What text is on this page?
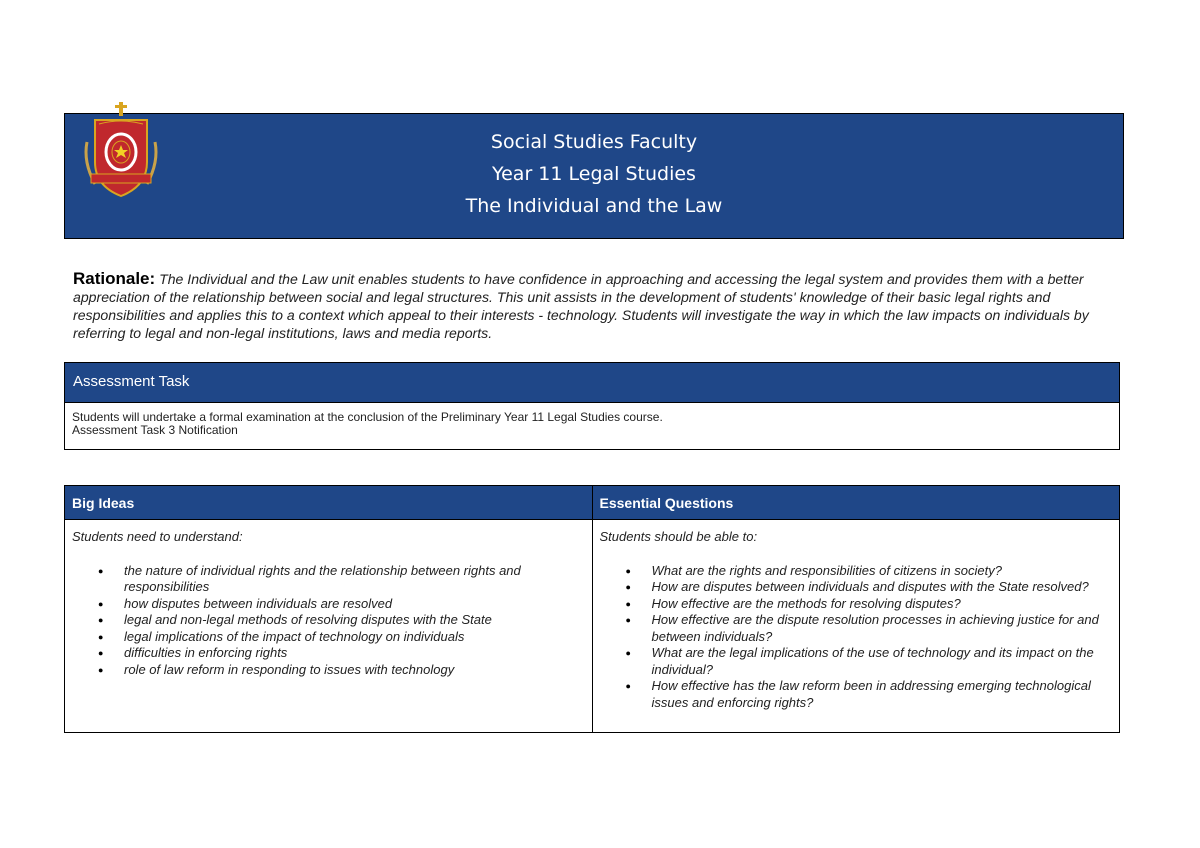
Social Studies Faculty
Year 11 Legal Studies
The Individual and the Law
Rationale: The Individual and the Law unit enables students to have confidence in approaching and accessing the legal system and provides them with a better appreciation of the relationship between social and legal structures. This unit assists in the development of students' knowledge of their basic legal rights and responsibilities and applies this to a context which appeal to their interests - technology. Students will investigate the way in which the law impacts on individuals by referring to legal and non-legal institutions, laws and media reports.
Assessment Task
Students will undertake a formal examination at the conclusion of the Preliminary Year 11 Legal Studies course.
Assessment Task 3 Notification
Big Ideas
Students need to understand:
● the nature of individual rights and the relationship between rights and responsibilities
● how disputes between individuals are resolved
● legal and non-legal methods of resolving disputes with the State
● legal implications of the impact of technology on individuals
● difficulties in enforcing rights
● role of law reform in responding to issues with technology
Essential Questions
Students should be able to:
● What are the rights and responsibilities of citizens in society?
● How are disputes between individuals and disputes with the State resolved?
● How effective are the methods for resolving disputes?
● How effective are the dispute resolution processes in achieving justice for and between individuals?
● What are the legal implications of the use of technology and its impact on the individual?
● How effective has the law reform been in addressing emerging technological issues and enforcing rights?
